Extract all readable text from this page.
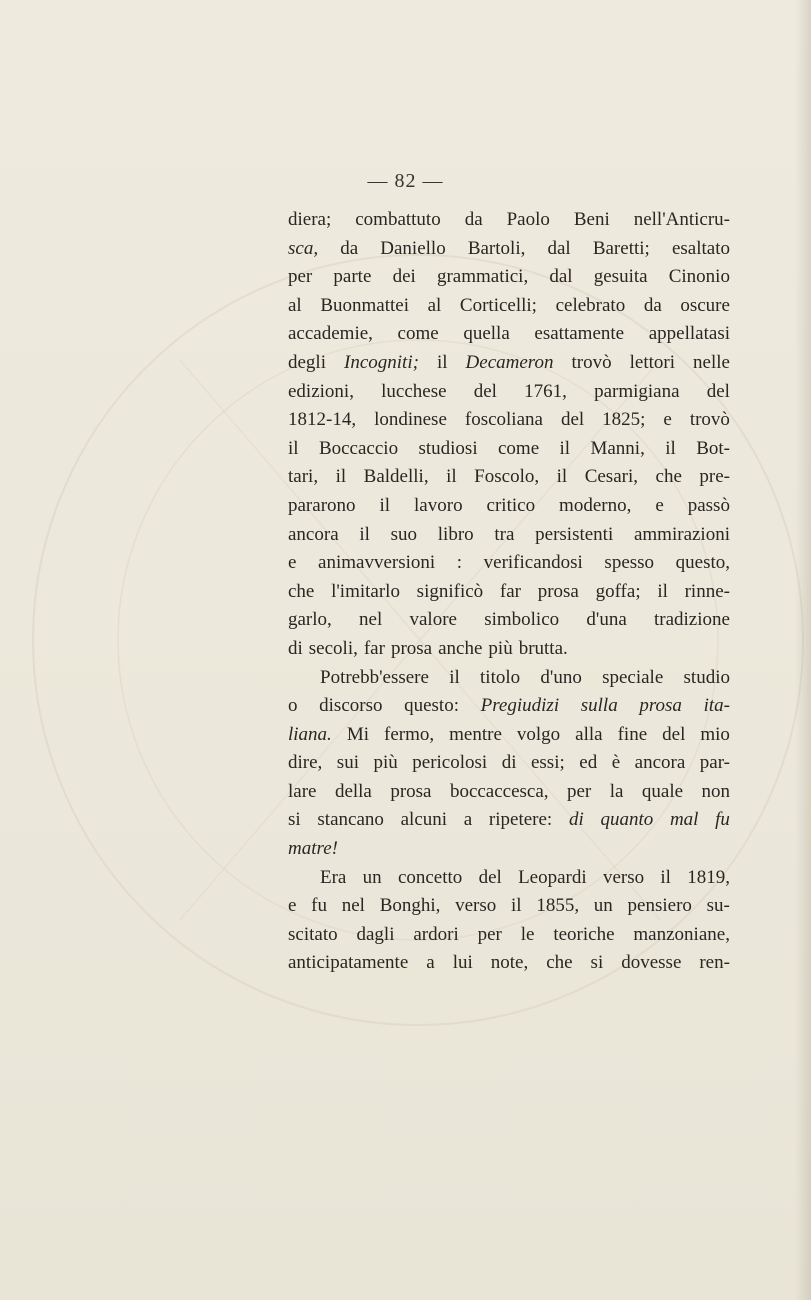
— 82 —
diera; combattuto da Paolo Beni nell'Anticru-
sca, da Daniello Bartoli, dal Baretti; esaltato
per parte dei grammatici, dal gesuita Cinonio
al Buonmattei al Corticelli; celebrato da oscure
accademie, come quella esattamente appellatasi
degli Incogniti; il Decameron trovò lettori nelle
edizioni, lucchese del 1761, parmigiana del
1812-14, londinese foscoliana del 1825; e trovò
il Boccaccio studiosi come il Manni, il Bot-
tari, il Baldelli, il Foscolo, il Cesari, che pre-
pararono il lavoro critico moderno, e passò
ancora il suo libro tra persistenti ammirazioni
e animavversioni : verificandosi spesso questo,
che l'imitarlo significò far prosa goffa; il rinne-
garlo, nel valore simbolico d'una tradizione
di secoli, far prosa anche più brutta.
Potrebb'essere il titolo d'uno speciale studio
o discorso questo: Pregiudizi sulla prosa ita-
liana. Mi fermo, mentre volgo alla fine del mio
dire, sui più pericolosi di essi; ed è ancora par-
lare della prosa boccaccesca, per la quale non
si stancano alcuni a ripetere: di quanto mal fu
matre!
Era un concetto del Leopardi verso il 1819,
e fu nel Bonghi, verso il 1855, un pensiero su-
scitato dagli ardori per le teoriche manzoniane,
anticipatamente a lui note, che si dovesse ren-
